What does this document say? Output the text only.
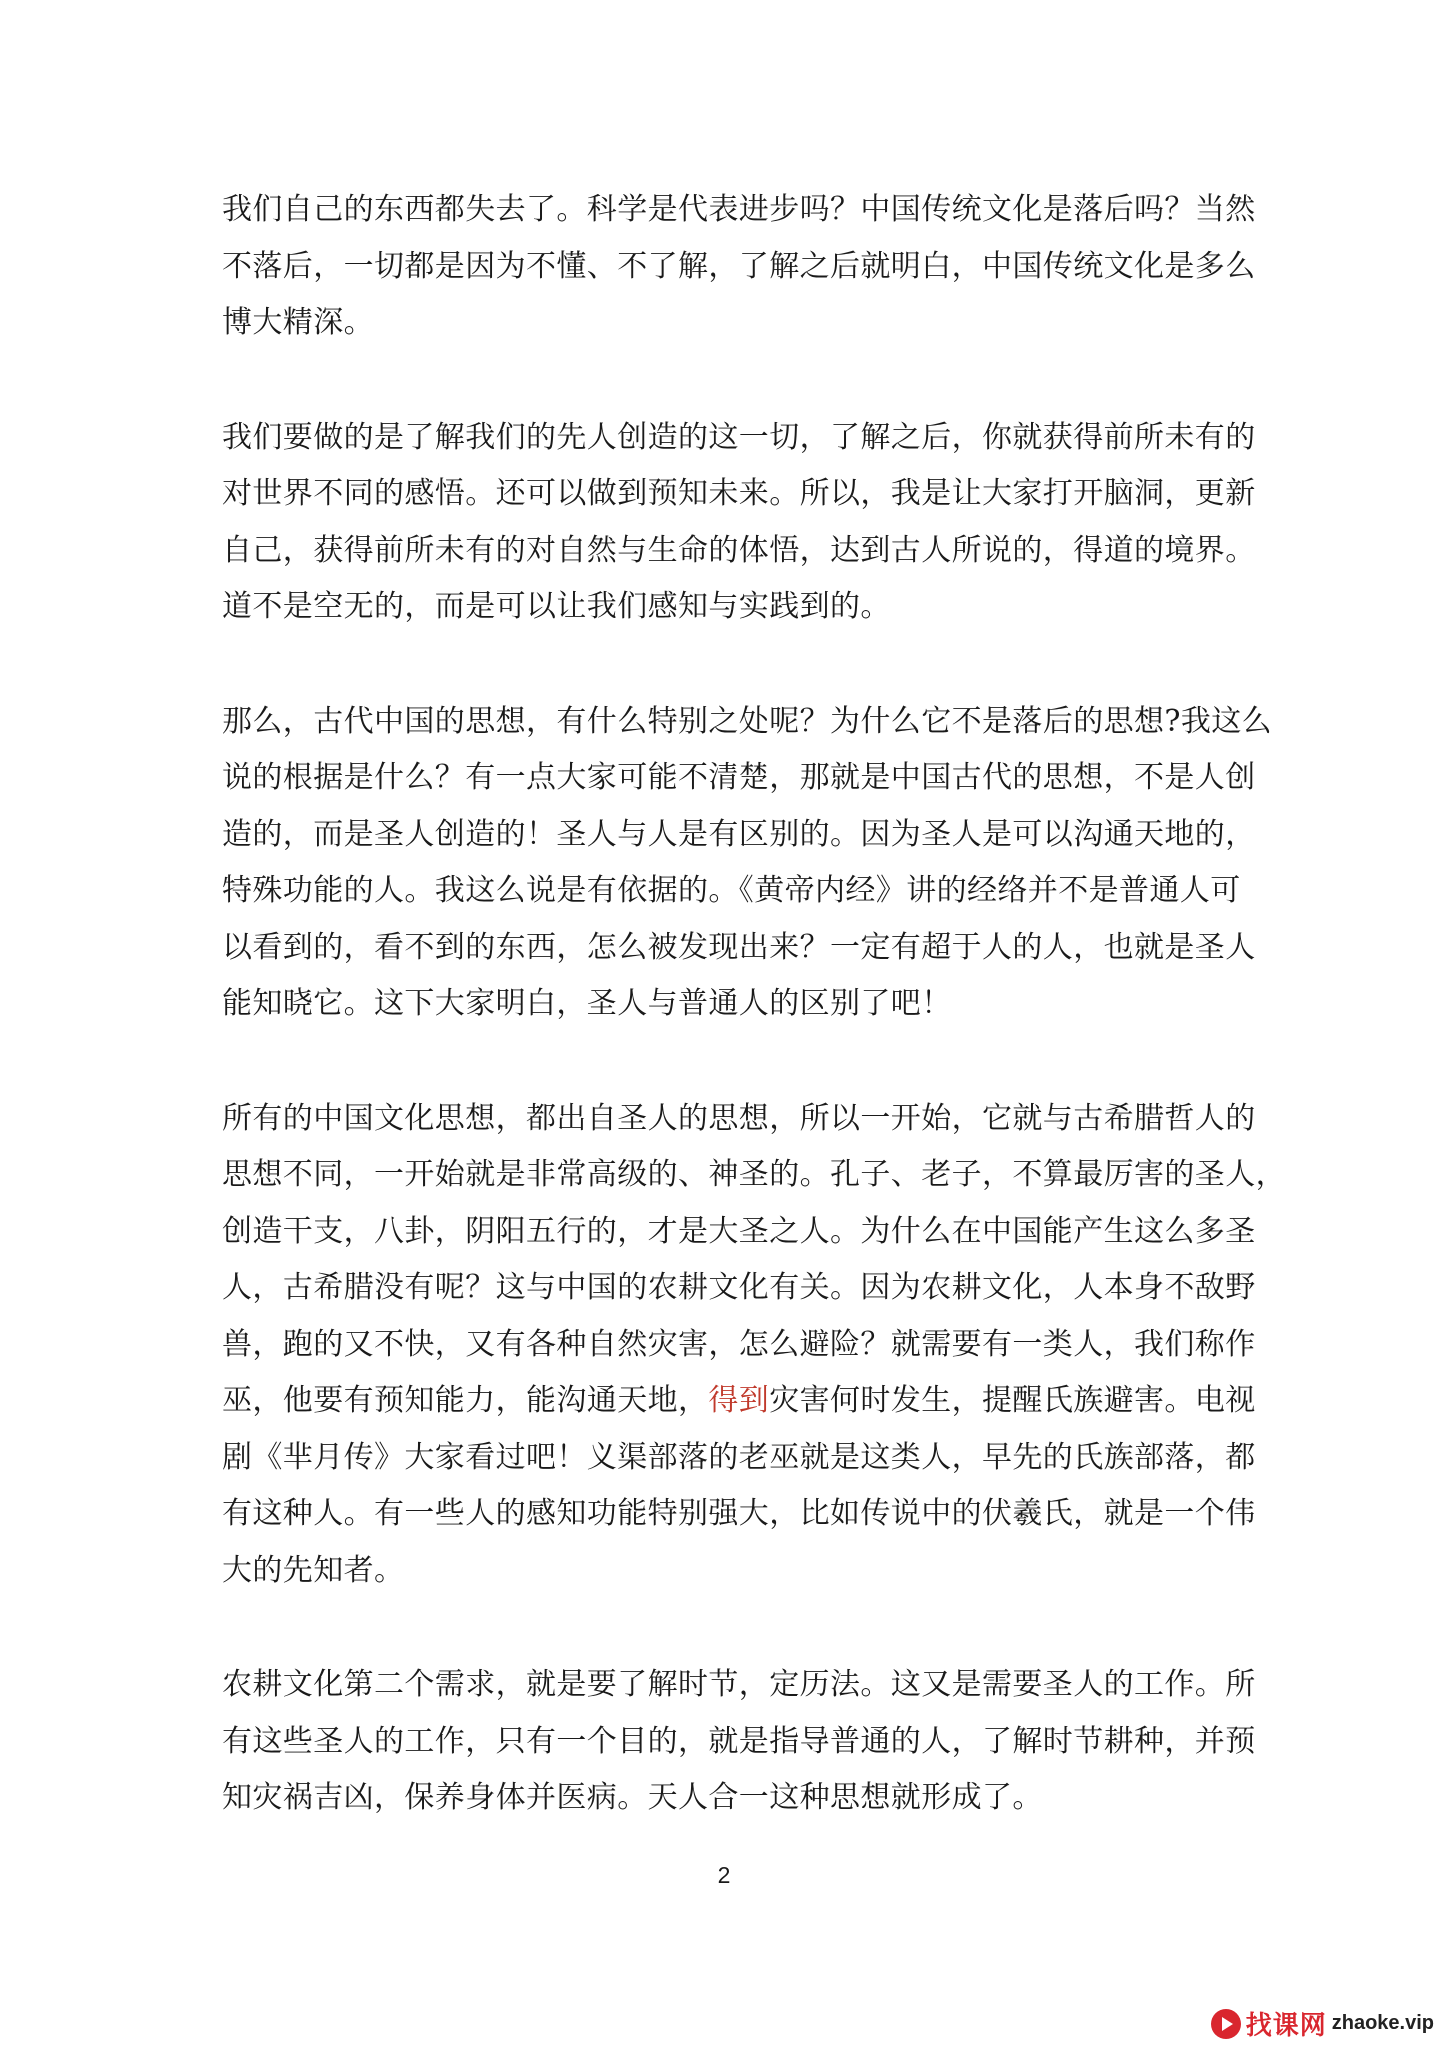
我们自己的东西都失去了。科学是代表进步吗？中国传统文化是落后吗？当然
不落后，一切都是因为不懂、不了解，了解之后就明白，中国传统文化是多么
博大精深。

我们要做的是了解我们的先人创造的这一切，了解之后，你就获得前所未有的
对世界不同的感悟。还可以做到预知未来。所以，我是让大家打开脑洞，更新
自己，获得前所未有的对自然与生命的体悟，达到古人所说的，得道的境界。
道不是空无的，而是可以让我们感知与实践到的。

那么，古代中国的思想，有什么特别之处呢？为什么它不是落后的思想?我这么
说的根据是什么？有一点大家可能不清楚，那就是中国古代的思想，不是人创
造的，而是圣人创造的！圣人与人是有区别的。因为圣人是可以沟通天地的，
特殊功能的人。我这么说是有依据的。《黄帝内经》讲的经络并不是普通人可
以看到的，看不到的东西，怎么被发现出来？一定有超于人的人，也就是圣人
能知晓它。这下大家明白，圣人与普通人的区别了吧！

所有的中国文化思想，都出自圣人的思想，所以一开始，它就与古希腊哲人的
思想不同，一开始就是非常高级的、神圣的。孔子、老子，不算最厉害的圣人，
创造干支，八卦，阴阳五行的，才是大圣之人。为什么在中国能产生这么多圣
人，古希腊没有呢？这与中国的农耕文化有关。因为农耕文化，人本身不敌野
兽，跑的又不快，又有各种自然灾害，怎么避险？就需要有一类人，我们称作
巫，他要有预知能力，能沟通天地，得到灾害何时发生，提醒氏族避害。电视
剧《芈月传》大家看过吧！义渠部落的老巫就是这类人，早先的氏族部落，都
有这种人。有一些人的感知功能特别强大，比如传说中的伏羲氏，就是一个伟
大的先知者。

农耕文化第二个需求，就是要了解时节，定历法。这又是需要圣人的工作。所
有这些圣人的工作，只有一个目的，就是指导普通的人，了解时节耕种，并预
知灾祸吉凶，保养身体并医病。天人合一这种思想就形成了。

2
找课网 zhaoke.vip
